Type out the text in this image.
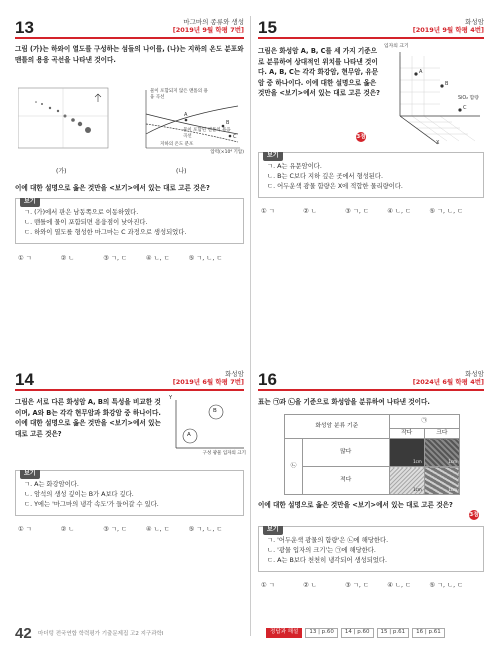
13	마그마의 종류와 생성
[2019년 9월 학평 7번]
그림 (가)는 하와이 열도를 구성하는 섬들의 나이를, (나)는 지하의 온도 분포와 맨틀의 용융 곡선을 나타낸 것이다.
A
B
C
물이 포함되지 않은 맨틀의 용융 곡선
물이 포함된 맨틀의 용융 곡선
지하의 온도 분포
압력(×10⁴ 기압)
(가)	(나)
이에 대한 설명으로 옳은 것만을 <보기>에서 있는 대로 고른 것은?
보기
ㄱ. (가)에서 판은 남동쪽으로 이동하였다.
ㄴ. 맨틀에 물이 포함되면 용융점이 낮아진다.
ㄷ. 하와이 열도를 형성한 마그마는 C 과정으로 생성되었다.
① ㄱ	② ㄴ	③ ㄱ, ㄷ	④ ㄴ, ㄷ	⑤ ㄱ, ㄴ, ㄷ
15	화성암
[2019년 9월 학평 4번]
그림은 화성암 A, B, C를 세 가지 기준으로 분류하여 상대적인 위치를 나타낸 것이다. A, B, C는 각각 화강암, 현무암, 유문암 중 하나이다. 이에 대한 설명으로 옳은 것만을 <보기>에서 있는 대로 고른 것은?
3점
A
B
C
입자의 크기
SiO₂ 함량
X
보기
ㄱ. A는 유문암이다.
ㄴ. B는 C보다 지하 깊은 곳에서 형성된다.
ㄷ. 어두운색 광물 함량은 X에 적합한 물리량이다.
① ㄱ	② ㄴ	③ ㄱ, ㄷ	④ ㄴ, ㄷ	⑤ ㄱ, ㄴ, ㄷ
14	화성암
[2019년 6월 학평 7번]
그림은 서로 다른 화성암 A, B의 특성을 비교한 것이며, A와 B는 각각 현무암과 화강암 중 하나이다. 이에 대한 설명으로 옳은 것만을 <보기>에서 있는 대로 고른 것은?
Y
B
A
구성 광물 입자의 크기
보기
ㄱ. A는 화강암이다.
ㄴ. 암석의 생성 깊이는 B가 A보다 깊다.
ㄷ. Y에는 '마그마의 냉각 속도'가 들어갈 수 있다.
① ㄱ	② ㄴ	③ ㄱ, ㄷ	④ ㄴ, ㄷ	⑤ ㄱ, ㄴ, ㄷ
16	화성암
[2024년 6월 학평 4번]
표는 ㉠과 ㉡을 기준으로 화성암을 분류하여 나타낸 것이다.
화성암 분류 기준		㉠	
		작다	크다
㉡	많다	1cm	1cm

	적다	1cm	1cm
이에 대한 설명으로 옳은 것만을 <보기>에서 있는 대로 고른 것은?
3점
보기
ㄱ. '어두운색 광물의 함량'은 ㉡에 해당한다.
ㄴ. '광물 입자의 크기'는 ㉠에 해당한다.
ㄷ. A는 B보다 천천히 냉각되어 생성되었다.
① ㄱ	② ㄴ	③ ㄱ, ㄷ	④ ㄴ, ㄷ	⑤ ㄱ, ㄴ, ㄷ
42 마더텅 전국연합 학력평가 기출문제집 고2 지구과학Ⅰ	정답과 해설	13 | p.60	14 | p.60	15 | p.61	16 | p.61
